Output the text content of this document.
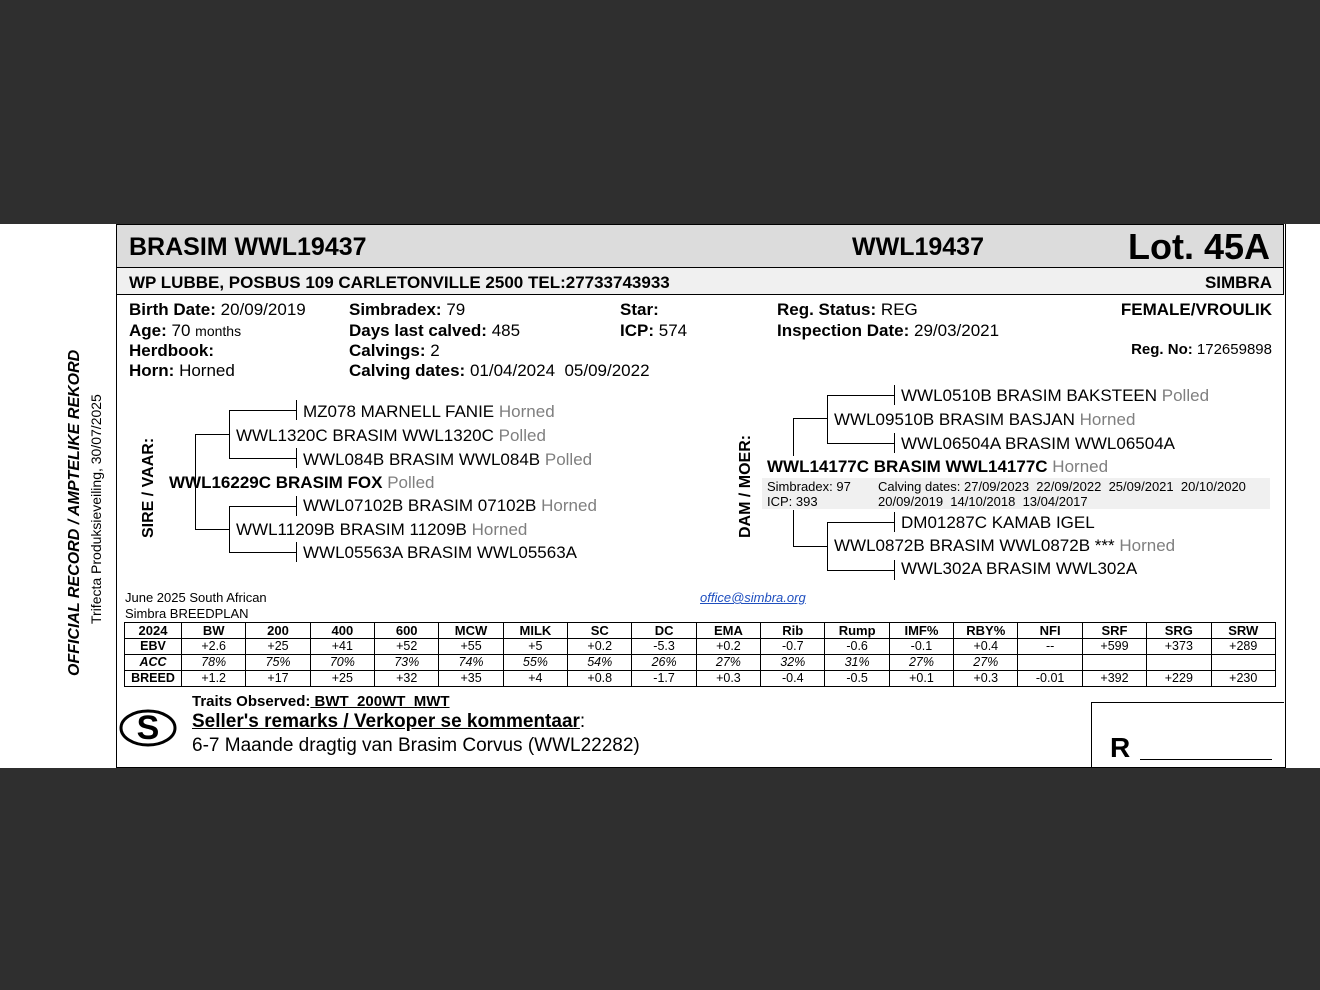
OFFICIAL RECORD / AMPTELIKE REKORD Trifecta Produksieveiling, 30/07/2025
BRASIM WWL19437	WWL19437	Lot. 45A
WP LUBBE, POSBUS 109 CARLETONVILLE 2500 TEL:27733743933	SIMBRA
Birth Date: 20/09/2019
Age: 70 months
Herdbook:
Horn: Horned
Simbradex: 79
Days last calved: 485
Calvings: 2
Calving dates: 01/04/2024  05/09/2022
Star:
ICP: 574
Reg. Status: REG
Inspection Date: 29/03/2021
FEMALE/VROULIK
Reg. No: 172659898
SIRE / VAAR:
MZ078 MARNELL FANIE Horned
WWL1320C BRASIM WWL1320C Polled
WWL084B BRASIM WWL084B Polled
WWL16229C BRASIM FOX Polled
WWL07102B BRASIM 07102B Horned
WWL11209B BRASIM 11209B Horned
WWL05563A BRASIM WWL05563A
DAM / MOER:
WWL0510B BRASIM BAKSTEEN Polled
WWL09510B BRASIM BASJAN Horned
WWL06504A BRASIM WWL06504A
WWL14177C BRASIM WWL14177C Horned
Simbradex: 97
ICP: 393
Calving dates: 27/09/2023  22/09/2022  25/09/2021  20/10/2020
20/09/2019  14/10/2018  13/04/2017
DM01287C KAMAB IGEL
WWL0872B BRASIM WWL0872B *** Horned
WWL302A BRASIM WWL302A
June 2025 South African
Simbra BREEDPLAN
office@simbra.org
2024	BW	200	400	600	MCW	MILK	SC	DC	EMA	Rib	Rump	IMF%	RBY%	NFI	SRF	SRG	SRW
EBV	+2.6	+25	+41	+52	+55	+5	+0.2	-5.3	+0.2	-0.7	-0.6	-0.1	+0.4	--	+599	+373	+289
ACC	78%	75%	70%	73%	74%	55%	54%	26%	27%	32%	31%	27%	27%				
BREED	+1.2	+17	+25	+32	+35	+4	+0.8	-1.7	+0.3	-0.4	-0.5	+0.1	+0.3	-0.01	+392	+229	+230
S
Traits Observed: BWT  200WT  MWT
Seller's remarks / Verkoper se kommentaar:
6-7 Maande dragtig van Brasim Corvus (WWL22282)	R
